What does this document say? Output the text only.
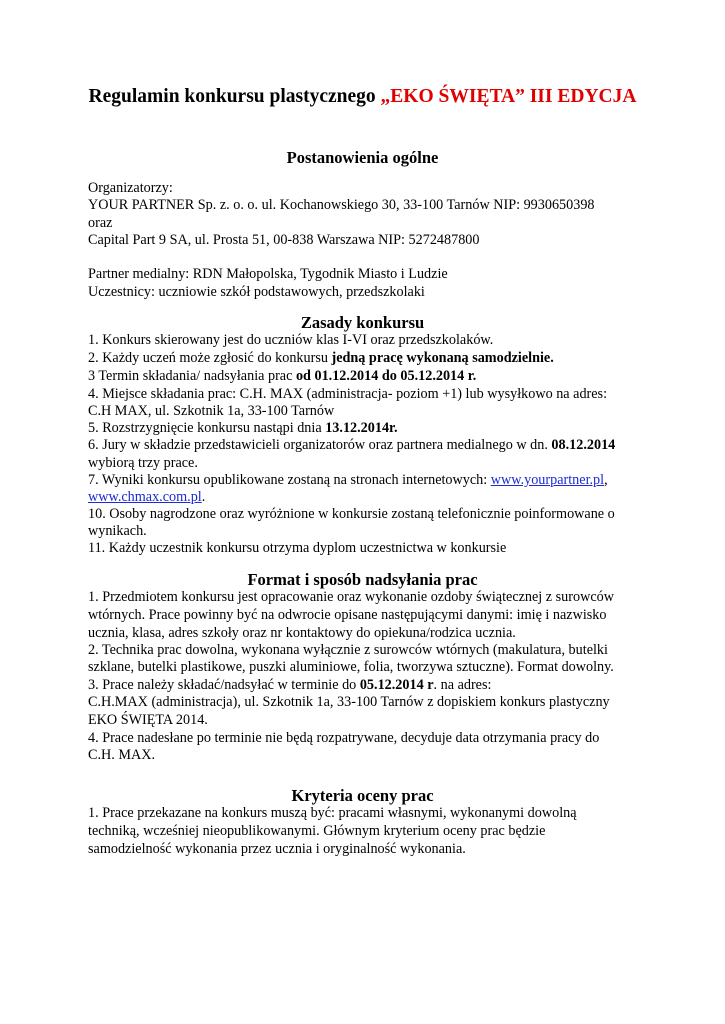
Regulamin konkursu plastycznego „EKO ŚWIĘTA” III EDYCJA
Postanowienia ogólne
Organizatorzy:
YOUR PARTNER Sp. z. o. o. ul. Kochanowskiego 30, 33-100 Tarnów NIP: 9930650398
oraz
Capital Part 9 SA, ul. Prosta 51, 00-838 Warszawa NIP: 5272487800
Partner medialny: RDN Małopolska, Tygodnik Miasto i Ludzie
Uczestnicy: uczniowie szkół podstawowych, przedszkolaki
Zasady konkursu
1. Konkurs skierowany jest do uczniów klas I-VI oraz przedszkolaków.
2. Każdy uczeń może zgłosić do konkursu jedną pracę wykonaną samodzielnie.
3 Termin składania/ nadsyłania prac od 01.12.2014 do 05.12.2014 r.
4. Miejsce składania prac: C.H. MAX (administracja- poziom +1) lub wysyłkowo na adres:
C.H MAX, ul. Szkotnik 1a, 33-100 Tarnów
5. Rozstrzygnięcie konkursu nastąpi dnia 13.12.2014r.
6. Jury w składzie przedstawicieli organizatorów oraz partnera medialnego w dn. 08.12.2014
wybiorą trzy prace.
7. Wyniki konkursu opublikowane zostaną na stronach internetowych: www.yourpartner.pl,
www.chmax.com.pl.
10. Osoby nagrodzone oraz wyróżnione w konkursie zostaną telefonicznie poinformowane o
wynikach.
11. Każdy uczestnik konkursu otrzyma dyplom uczestnictwa w konkursie
Format i sposób nadsyłania prac
1. Przedmiotem konkursu jest opracowanie oraz wykonanie ozdoby świątecznej z surowców
wtórnych. Prace powinny być na odwrocie opisane następującymi danymi: imię i nazwisko
ucznia, klasa, adres szkoły oraz nr kontaktowy do opiekuna/rodzica ucznia.
2. Technika prac dowolna, wykonana wyłącznie z surowców wtórnych (makulatura, butelki
szklane, butelki plastikowe, puszki aluminiowe, folia, tworzywa sztuczne). Format dowolny.
3. Prace należy składać/nadsyłać w terminie do 05.12.2014 r. na adres:
C.H.MAX (administracja), ul. Szkotnik 1a, 33-100 Tarnów z dopiskiem konkurs plastyczny
EKO ŚWIĘTA 2014.
4. Prace nadesłane po terminie nie będą rozpatrywane, decyduje data otrzymania pracy do
C.H. MAX.
Kryteria oceny prac
1. Prace przekazane na konkurs muszą być: pracami własnymi, wykonanymi dowolną
techniką, wcześniej nieopublikowanymi. Głównym kryterium oceny prac będzie
samodzielność wykonania przez ucznia i oryginalność wykonania.
